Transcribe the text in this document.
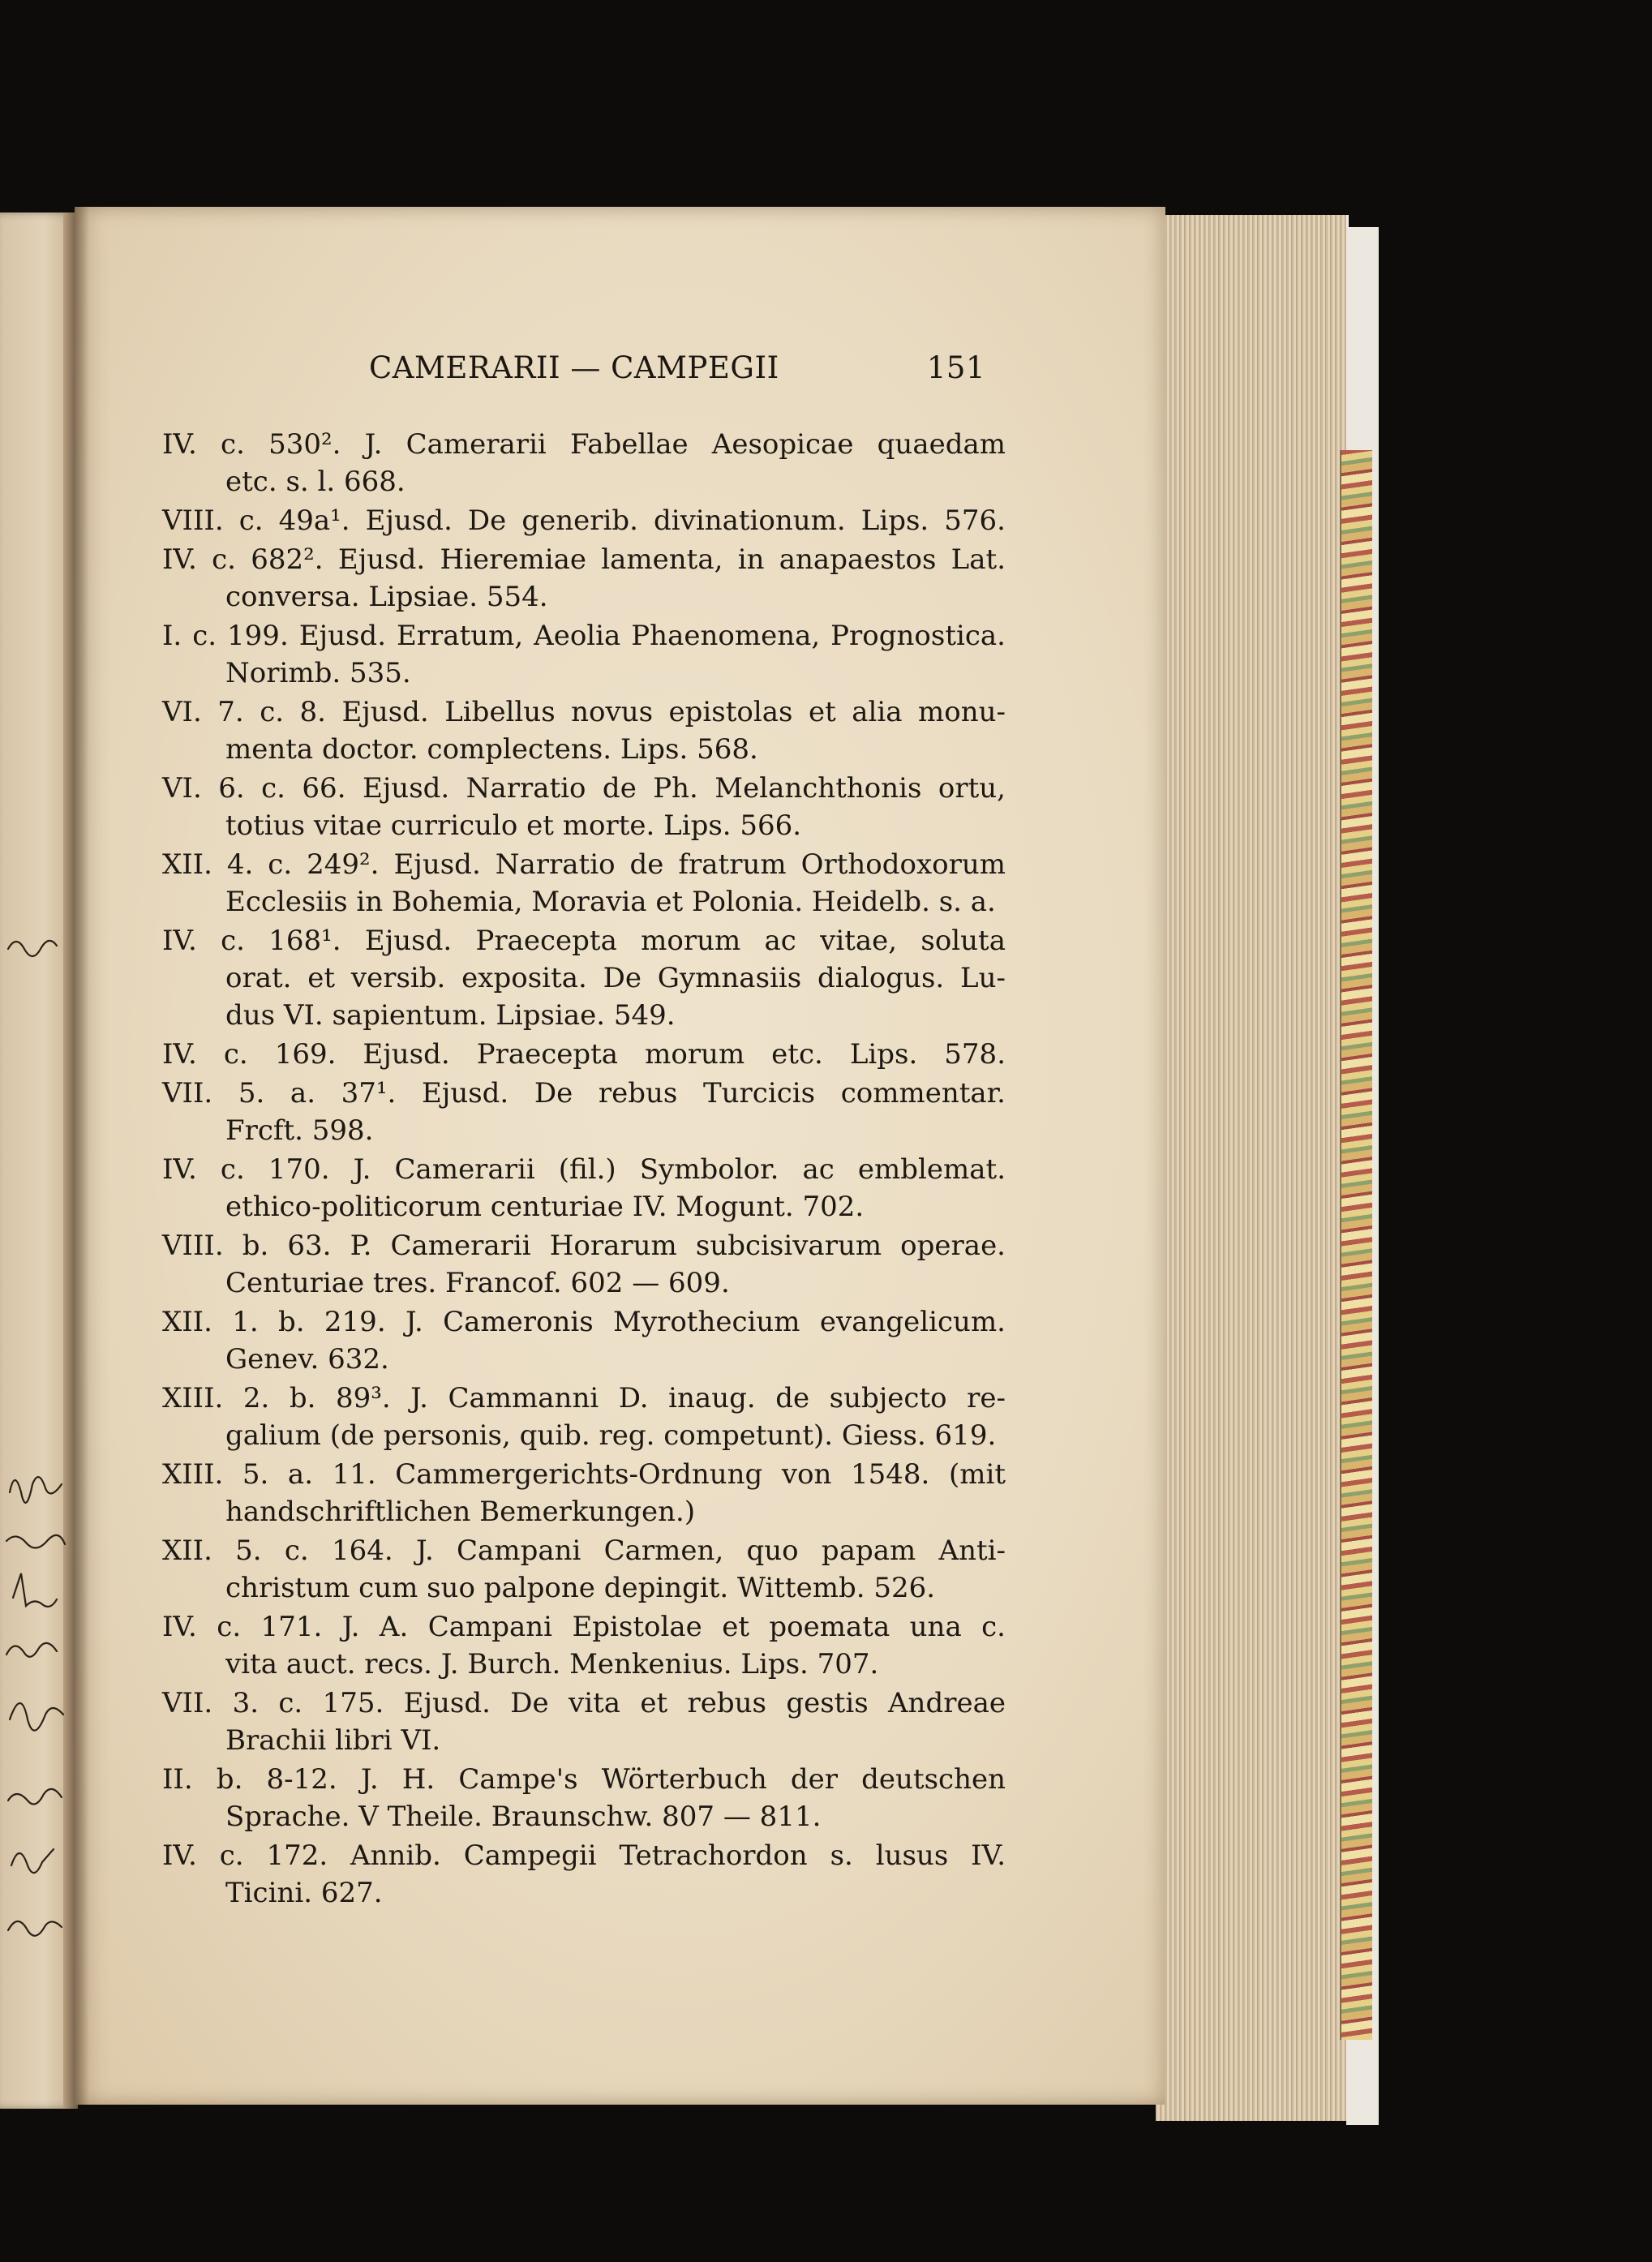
CAMERARII — CAMPEGII	151
IV. c. 530². J. Camerarii Fabellae Aesopicae quaedam
etc. s. l. 668.
VIII. c. 49a¹. Ejusd. De generib. divinationum. Lips. 576.
IV. c. 682². Ejusd. Hieremiae lamenta, in anapaestos Lat.
conversa. Lipsiae. 554.
I. c. 199. Ejusd. Erratum, Aeolia Phaenomena, Prognostica.
Norimb. 535.
VI. 7. c. 8. Ejusd. Libellus novus epistolas et alia monu-
menta doctor. complectens. Lips. 568.
VI. 6. c. 66. Ejusd. Narratio de Ph. Melanchthonis ortu,
totius vitae curriculo et morte. Lips. 566.
XII. 4. c. 249². Ejusd. Narratio de fratrum Orthodoxorum
Ecclesiis in Bohemia, Moravia et Polonia. Heidelb. s. a.
IV. c. 168¹. Ejusd. Praecepta morum ac vitae, soluta
orat. et versib. exposita. De Gymnasiis dialogus. Lu-
dus VI. sapientum. Lipsiae. 549.
IV. c. 169. Ejusd. Praecepta morum etc. Lips. 578.
VII. 5. a. 37¹. Ejusd. De rebus Turcicis commentar.
Frcft. 598.
IV. c. 170. J. Camerarii (fil.) Symbolor. ac emblemat.
ethico-politicorum centuriae IV. Mogunt. 702.
VIII. b. 63. P. Camerarii Horarum subcisivarum operae.
Centuriae tres. Francof. 602 — 609.
XII. 1. b. 219. J. Cameronis Myrothecium evangelicum.
Genev. 632.
XIII. 2. b. 89³. J. Cammanni D. inaug. de subjecto re-
galium (de personis, quib. reg. competunt). Giess. 619.
XIII. 5. a. 11. Cammergerichts-Ordnung von 1548. (mit
handschriftlichen Bemerkungen.)
XII. 5. c. 164. J. Campani Carmen, quo papam Anti-
christum cum suo palpone depingit. Wittemb. 526.
IV. c. 171. J. A. Campani Epistolae et poemata una c.
vita auct. recs. J. Burch. Menkenius. Lips. 707.
VII. 3. c. 175. Ejusd. De vita et rebus gestis Andreae
Brachii libri VI.
II. b. 8-12. J. H. Campe's Wörterbuch der deutschen
Sprache. V Theile. Braunschw. 807 — 811.
IV. c. 172. Annib. Campegii Tetrachordon s. lusus IV.
Ticini. 627.
